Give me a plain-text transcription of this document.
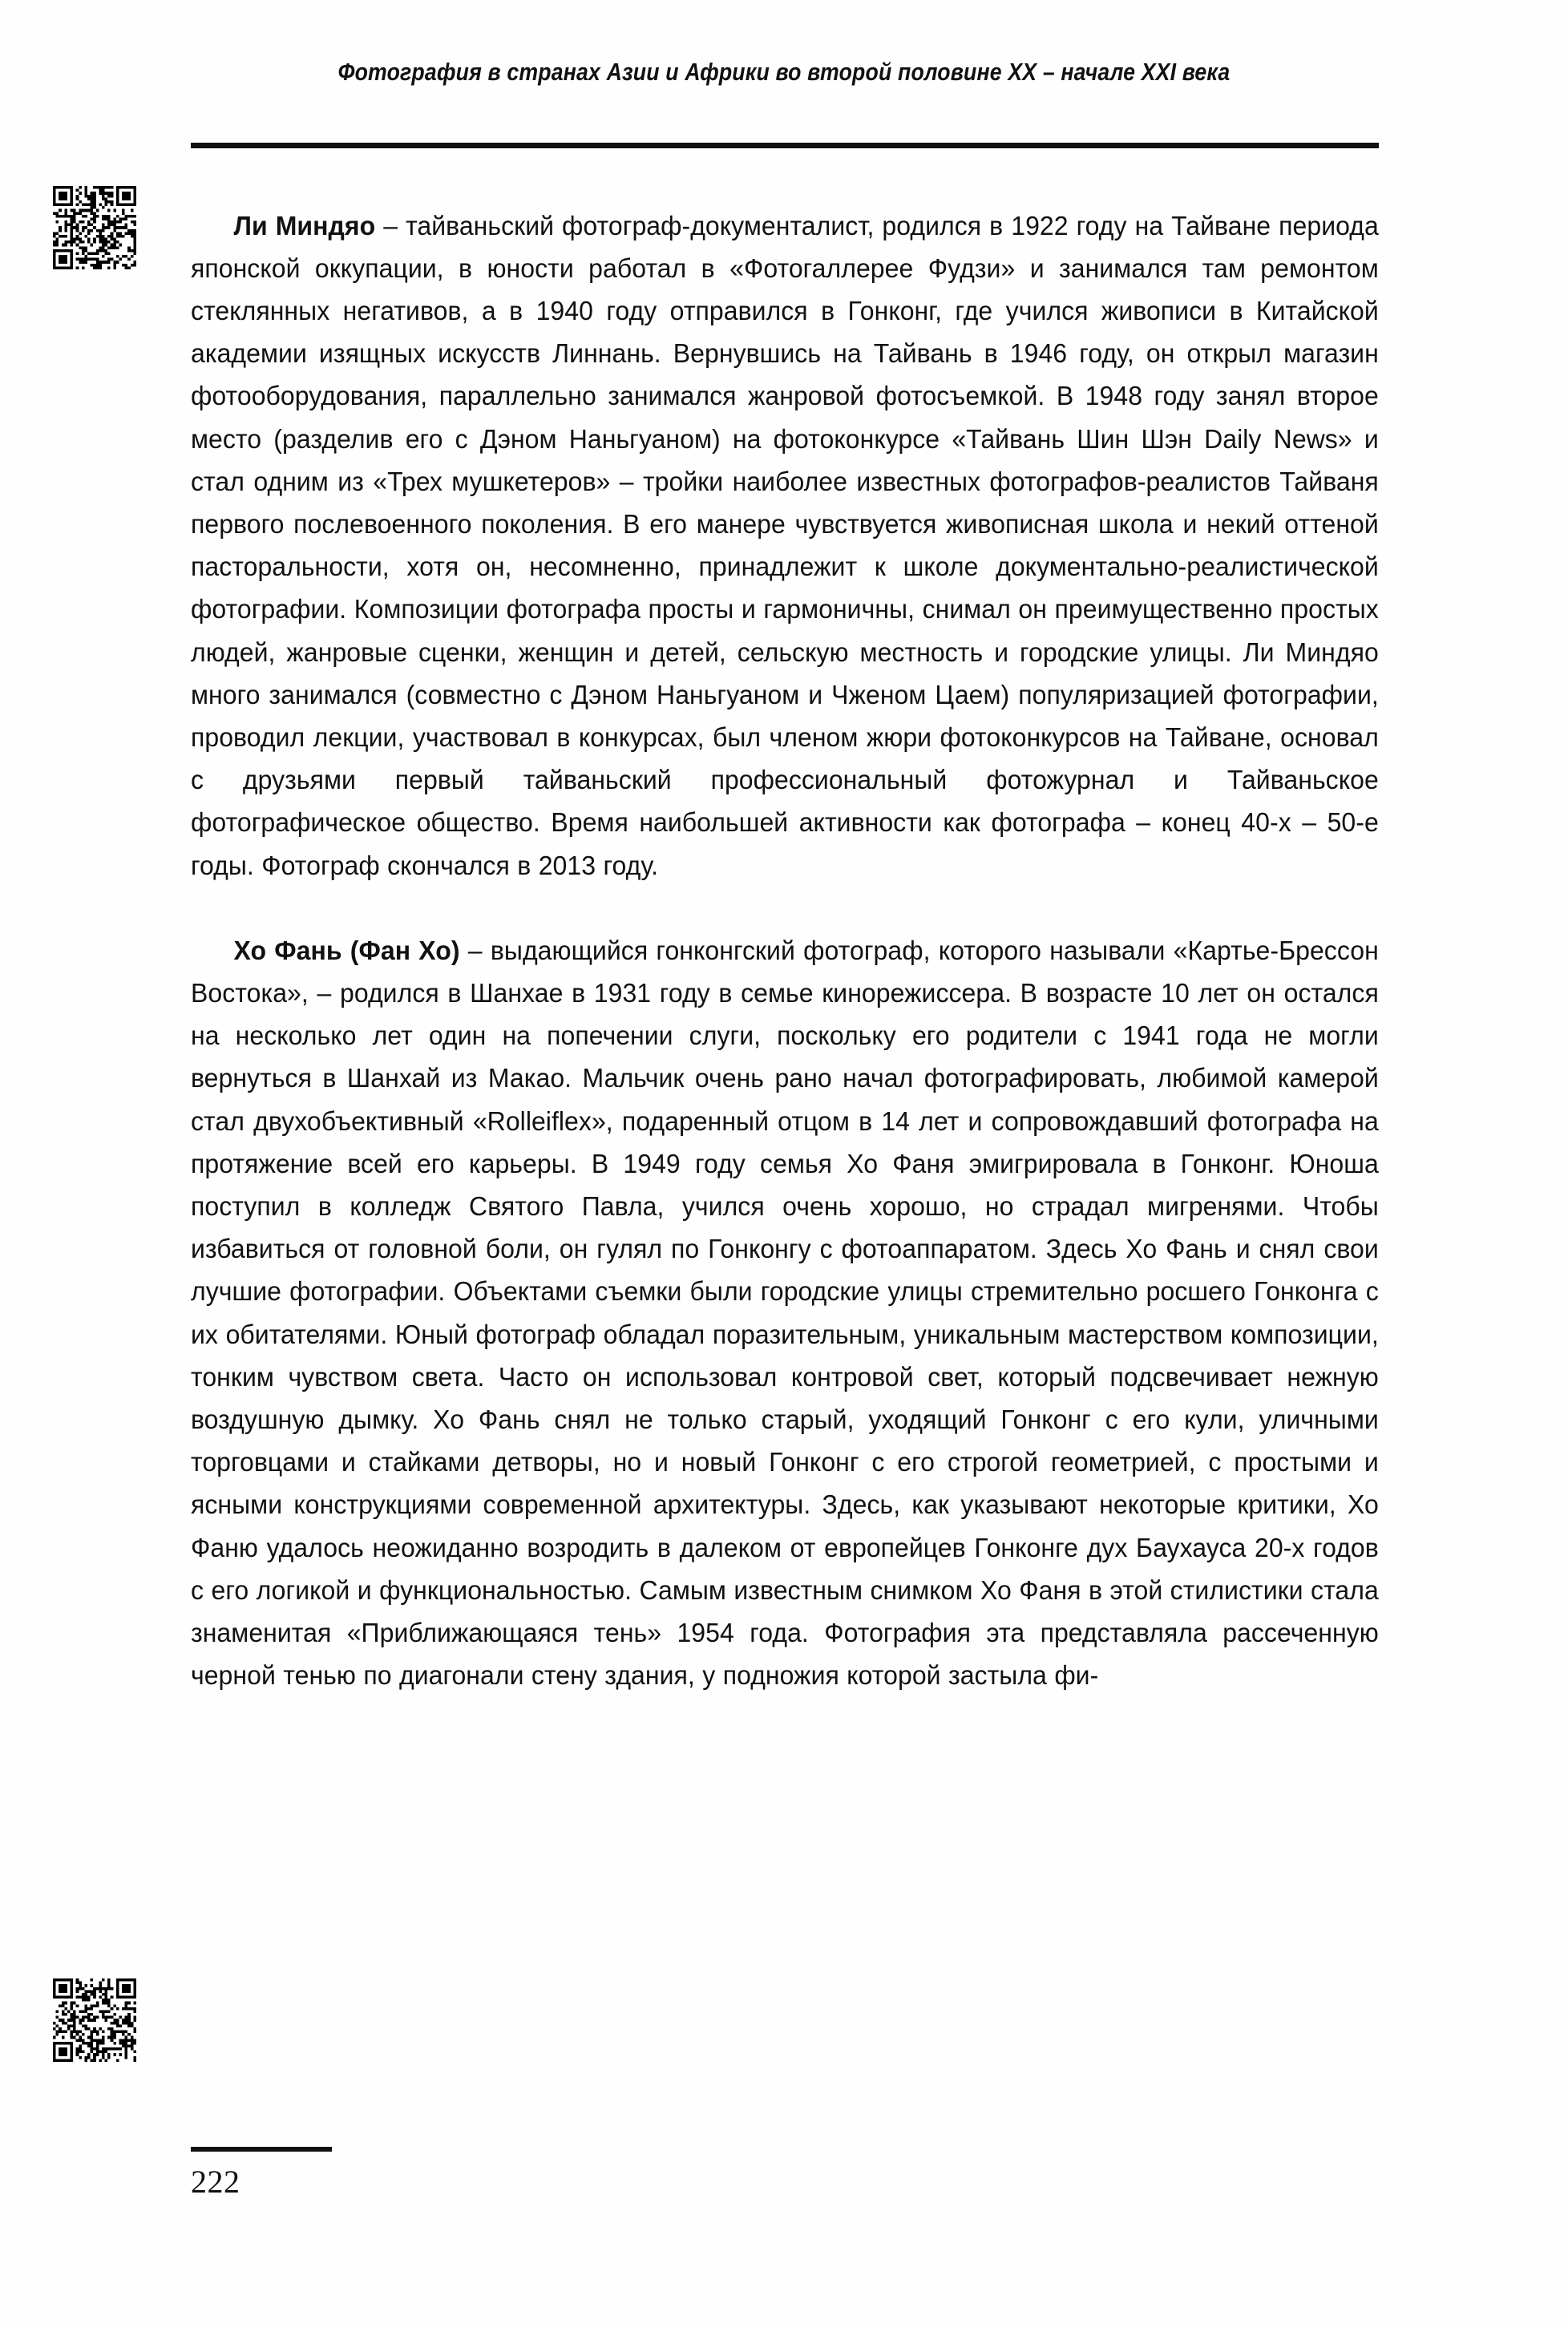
Фотография в странах Азии и Африки во второй половине XX – начале XXI века

Ли Миндяо – тайваньский фотограф-документалист, родился в 1922 году на Тайване периода японской оккупации, в юности работал в «Фотогаллерее Фудзи» и занимался там ремонтом стеклянных негативов, а в 1940 году отправился в Гонконг, где учился живописи в Китайской академии изящных искусств Линнань. Вернувшись на Тайвань в 1946 году, он открыл магазин фотооборудования, параллельно занимался жанровой фотосъемкой. В 1948 году занял второе место (разделив его с Дэном Наньгуаном) на фотоконкурсе «Тайвань Шин Шэн Daily News» и стал одним из «Трех мушкетеров» – тройки наиболее известных фотографов-реалистов Тайваня первого послевоенного поколения. В его манере чувствуется живописная школа и некий оттеной пасторальности, хотя он, несомненно, принадлежит к школе документально-реалистической фотографии. Композиции фотографа просты и гармоничны, снимал он преимущественно простых людей, жанровые сценки, женщин и детей, сельскую местность и городские улицы. Ли Миндяо много занимался (совместно с Дэном Наньгуаном и Чженом Цаем) популяризацией фотографии, проводил лекции, участвовал в конкурсах, был членом жюри фотоконкурсов на Тайване, основал с друзьями первый тайваньский профессиональный фотожурнал и Тайваньское фотографическое общество. Время наибольшей активности как фотографа – конец 40-х – 50-е годы. Фотограф скончался в 2013 году.

Хо Фань (Фан Хо) – выдающийся гонконгский фотограф, которого называли «Картье-Брессон Востока», – родился в Шанхае в 1931 году в семье кинорежиссера. В возрасте 10 лет он остался на несколько лет один на попечении слуги, поскольку его родители с 1941 года не могли вернуться в Шанхай из Макао. Мальчик очень рано начал фотографировать, любимой камерой стал двухобъективный «Rolleiflex», подаренный отцом в 14 лет и сопровождавший фотографа на протяжение всей его карьеры. В 1949 году семья Хо Фаня эмигрировала в Гонконг. Юноша поступил в колледж Святого Павла, учился очень хорошо, но страдал мигренями. Чтобы избавиться от головной боли, он гулял по Гонконгу с фотоаппаратом. Здесь Хо Фань и снял свои лучшие фотографии. Объектами съемки были городские улицы стремительно росшего Гонконга с их обитателями. Юный фотограф обладал поразительным, уникальным мастерством композиции, тонким чувством света. Часто он использовал контровой свет, который подсвечивает нежную воздушную дымку. Хо Фань снял не только старый, уходящий Гонконг с его кули, уличными торговцами и стайками детворы, но и новый Гонконг с его строгой геометрией, с простыми и ясными конструкциями современной архитектуры. Здесь, как указывают некоторые критики, Хо Фаню удалось неожиданно возродить в далеком от европейцев Гонконге дух Баухауса 20-х годов с его логикой и функциональностью. Самым известным снимком Хо Фаня в этой стилистики стала знаменитая «Приближающаяся тень» 1954 года. Фотография эта представляла рассеченную черной тенью по диагонали стену здания, у подножия которой застыла фи-

222
